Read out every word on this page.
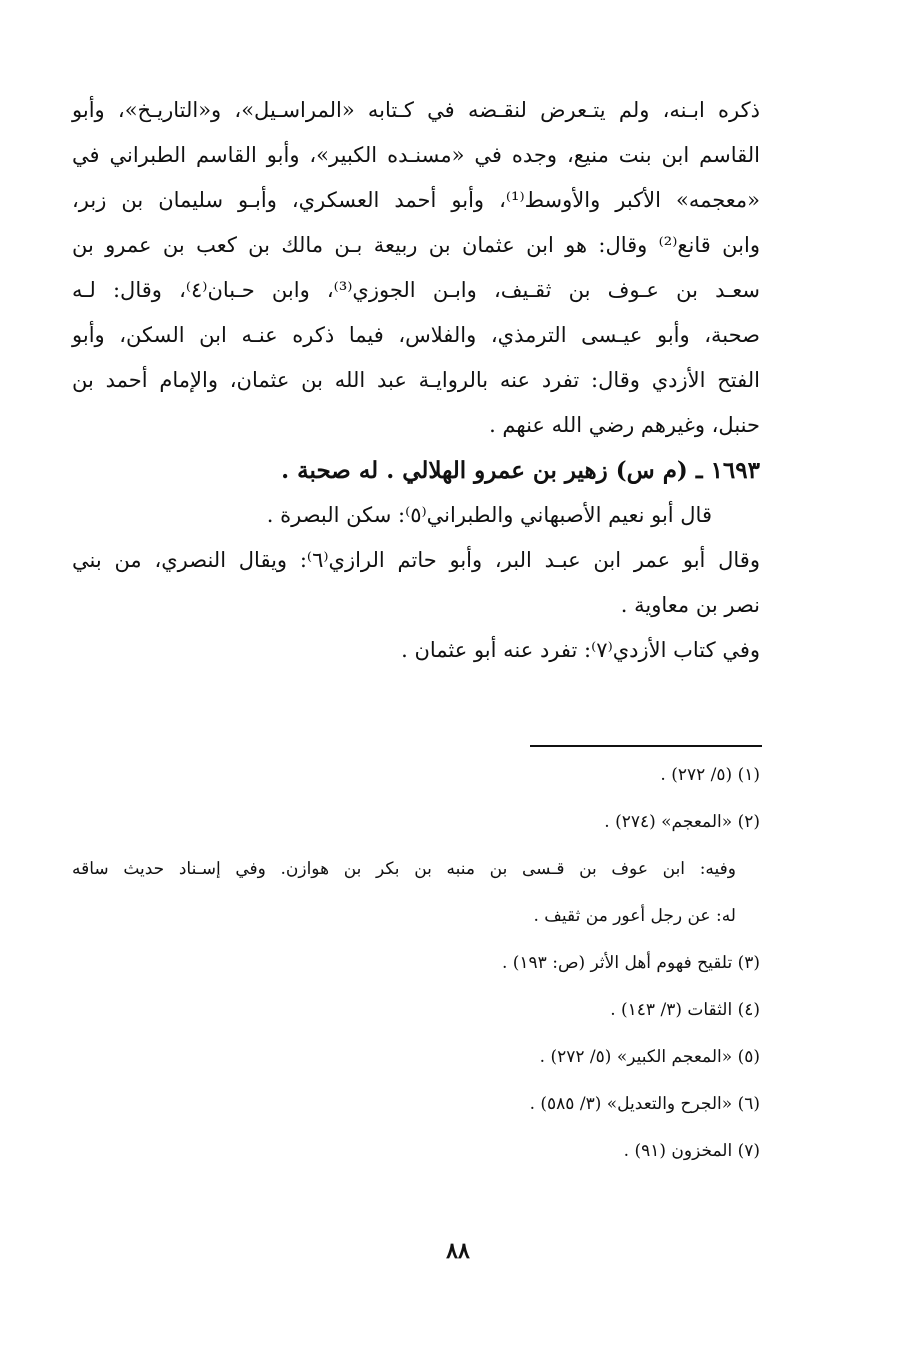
ذكره ابـنه، ولم يتـعرض لنقـضه في كـتابه «المراسـيل»، و«التاريـخ»، وأبو
القاسم ابن بنت منيع، وجده في «مسنـده الكبير»، وأبو القاسم الطبراني في
«معجمه» الأكبر والأوسط⁽¹⁾، وأبو أحمد العسكري، وأبـو سليمان بن زبر،
وابن قانع⁽²⁾ وقال: هو ابن عثمان بن ربيعة بـن مالك بن كعب بن عمرو بن
سعـد بن عـوف بن ثقـيف، وابـن الجوزي⁽³⁾، وابن حـبان⁽٤⁾، وقال: لـه
صحبة، وأبو عيـسى الترمذي، والفلاس، فيما ذكره عنـه ابن السكن، وأبو
الفتح الأزدي وقال: تفرد عنه بالروايـة عبد الله بن عثمان، والإمام أحمد بن
حنبل، وغيرهم رضي الله عنهم .
١٦٩٣ ـ (م س) زهير بن عمرو الهلالي . له صحبة .
قال أبو نعيم الأصبهاني والطبراني⁽٥⁾: سكن البصرة .
وقال أبو عمر ابن عبـد البر، وأبو حاتم الرازي⁽٦⁾: ويقال النصري، من بني
نصر بن معاوية .
وفي كتاب الأزدي⁽٧⁾: تفرد عنه أبو عثمان .
(١) (٥/ ٢٧٢) .
(٢) «المعجم» (٢٧٤) .
وفيه: ابن عوف بن قـسى بن منبه بن بكر بن هوازن. وفي إسـناد حديث ساقه
له: عن رجل أعور من ثقيف .
(٣) تلقيح فهوم أهل الأثر (ص: ١٩٣) .
(٤) الثقات (٣/ ١٤٣) .
(٥) «المعجم الكبير» (٥/ ٢٧٢) .
(٦) «الجرح والتعديل» (٣/ ٥٨٥) .
(٧) المخزون (٩١) .
٨٨
